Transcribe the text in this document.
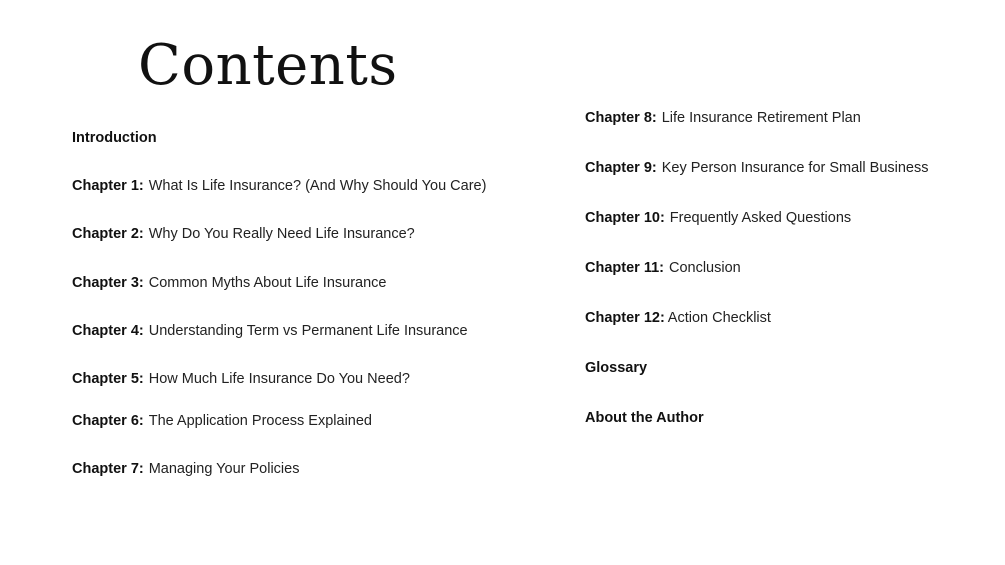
Contents
Introduction
Chapter 1: What Is Life Insurance? (And Why Should You Care)
Chapter 2: Why Do You Really Need Life Insurance?
Chapter 3: Common Myths About Life Insurance
Chapter 4: Understanding Term vs Permanent Life Insurance
Chapter 5: How Much Life Insurance Do You Need?
Chapter 6: The Application Process Explained
Chapter 7: Managing Your Policies
Chapter 8: Life Insurance Retirement Plan
Chapter 9: Key Person Insurance for Small Business
Chapter 10: Frequently Asked Questions
Chapter 11: Conclusion
Chapter 12: Action Checklist
Glossary
About the Author
